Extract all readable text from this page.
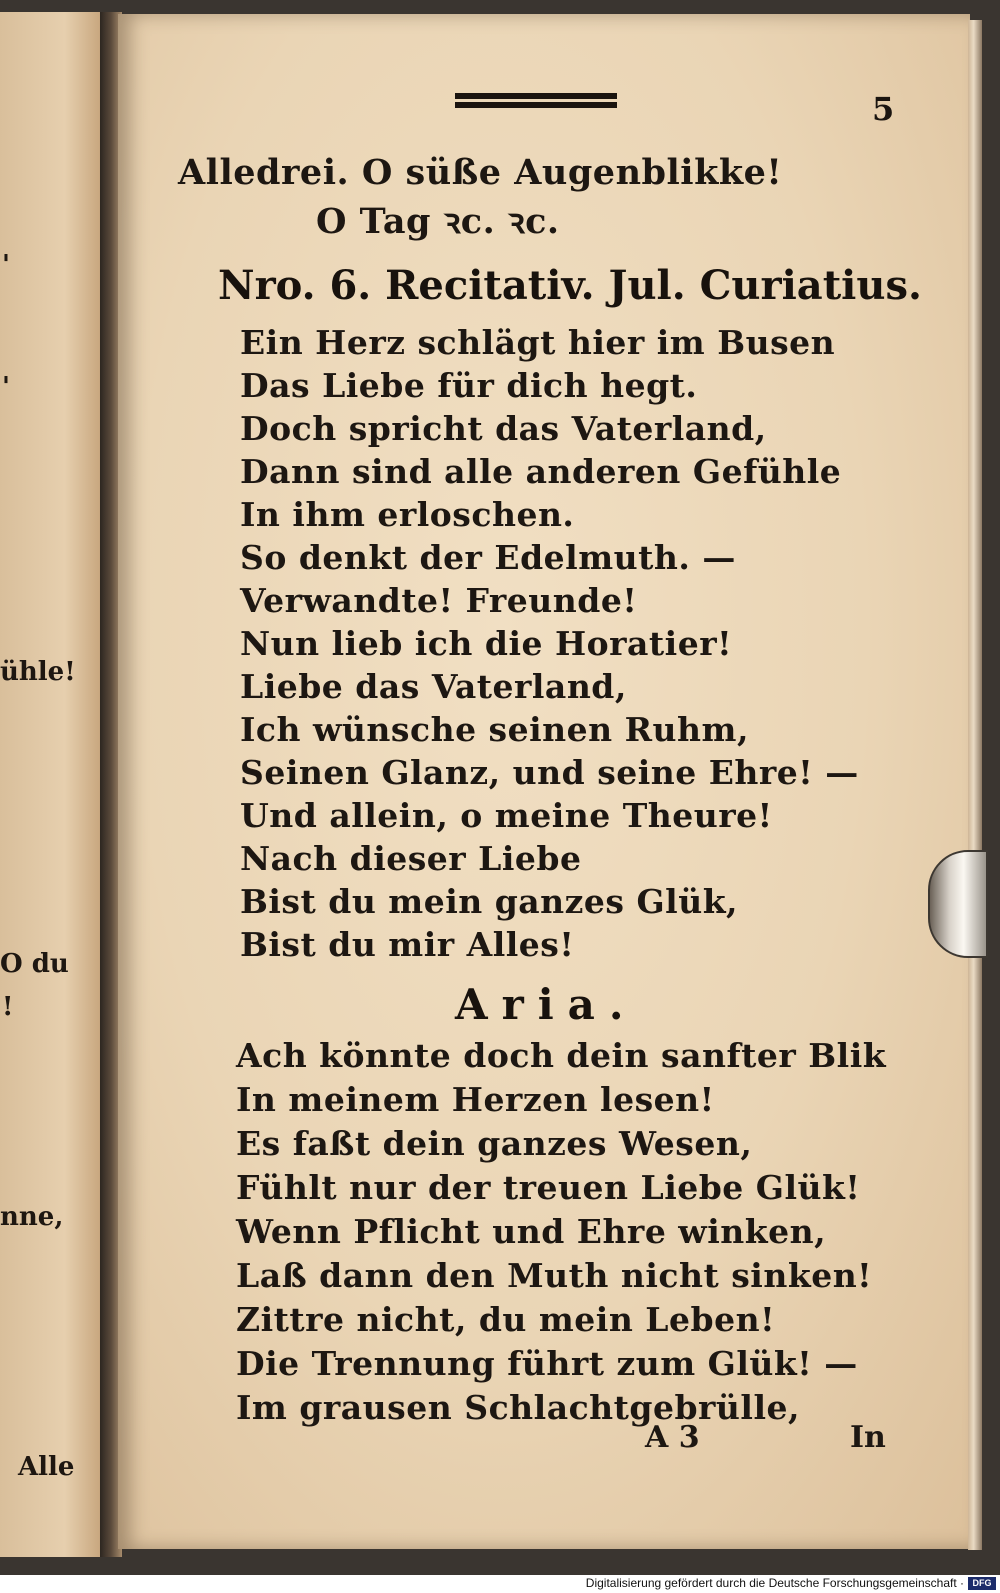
'
'
ühle!
O du
!
nne,
Alle
5
Alledrei. O süße Augenblikke!
O Tag ꝛc. ꝛc.
Nro. 6. Recitativ. Jul. Curiatius.
Ein Herz schlägt hier im Busen
Das Liebe für dich hegt.
Doch spricht das Vaterland,
Dann sind alle anderen Gefühle
In ihm erloschen.
So denkt der Edelmuth. —
Verwandte! Freunde!
Nun lieb ich die Horatier!
Liebe das Vaterland,
Ich wünsche seinen Ruhm,
Seinen Glanz, und seine Ehre! —
Und allein, o meine Theure!
Nach dieser Liebe
Bist du mein ganzes Glük,
Bist du mir Alles!
Aria.
Ach könnte doch dein sanfter Blik
In meinem Herzen lesen!
Es faßt dein ganzes Wesen,
Fühlt nur der treuen Liebe Glük!
Wenn Pflicht und Ehre winken,
Laß dann den Muth nicht sinken!
Zittre nicht, du mein Leben!
Die Trennung führt zum Glük! —
Im grausen Schlachtgebrülle,
A 3	In
Digitalisierung gefördert durch die Deutsche Forschungsgemeinschaft · DFG
